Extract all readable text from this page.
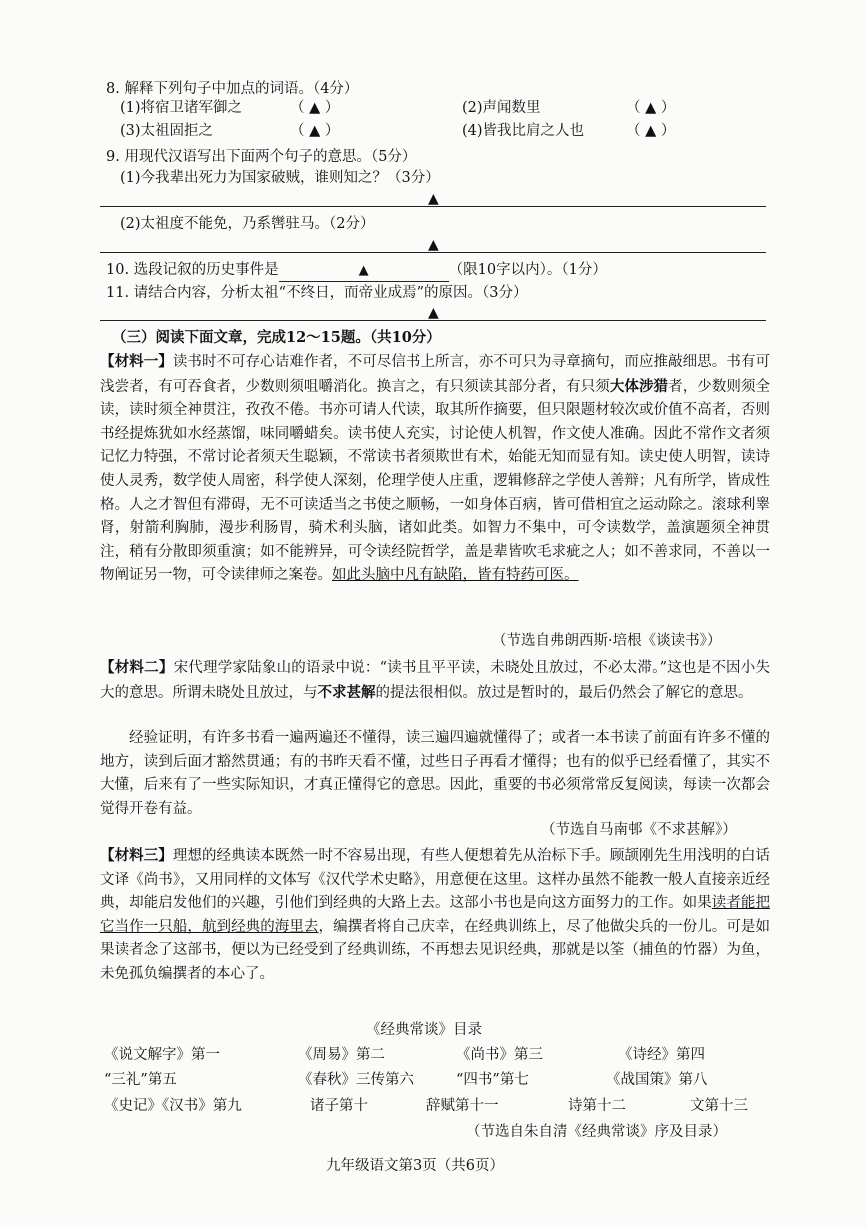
8. 解释下列句子中加点的词语。（4分）
(1)将宿卫诸军御之	（ ▲ ）	(2)声闻数里	（ ▲ ）
(3)太祖固拒之	（ ▲ ）	(4)皆我比肩之人也	（ ▲ ）
9. 用现代汉语写出下面两个句子的意思。（5分）
(1)今我辈出死力为国家破贼，谁则知之？（3分）
▲
(2)太祖度不能免，乃系辔驻马。（2分）
▲
10. 选段记叙的历史事件是	▲	（限10字以内）。（1分）
11. 请结合内容，分析太祖“不终日，而帝业成焉”的原因。（3分）
▲
（三）阅读下面文章，完成12～15题。（共10分）
【材料一】读书时不可存心诘难作者，不可尽信书上所言，亦不可只为寻章摘句，而应推敲细思。书有可浅尝者，有可吞食者，少数则须咀嚼消化。换言之，有只须读其部分者，有只须大体涉猎者，少数则须全读，读时须全神贯注，孜孜不倦。书亦可请人代读，取其所作摘要，但只限题材较次或价值不高者，否则书经提炼犹如水经蒸馏，味同嚼蜡矣。读书使人充实，讨论使人机智，作文使人准确。因此不常作文者须记忆力特强，不常讨论者须天生聪颖，不常读书者须欺世有术，始能无知而显有知。读史使人明智，读诗使人灵秀，数学使人周密，科学使人深刻，伦理学使人庄重，逻辑修辞之学使人善辩；凡有所学，皆成性格。人之才智但有滞碍，无不可读适当之书使之顺畅，一如身体百病，皆可借相宜之运动除之。滚球利睾肾，射箭利胸肺，漫步利肠胃，骑术利头脑，诸如此类。如智力不集中，可令读数学，盖演题须全神贯注，稍有分散即须重演；如不能辨异，可令读经院哲学，盖是辈皆吹毛求疵之人；如不善求同，不善以一物阐证另一物，可令读律师之案卷。如此头脑中凡有缺陷，皆有特药可医。
（节选自弗朗西斯·培根《谈读书》）
【材料二】宋代理学家陆象山的语录中说：“读书且平平读，未晓处且放过，不必太滞。”这也是不因小失大的意思。所谓未晓处且放过，与不求甚解的提法很相似。放过是暂时的，最后仍然会了解它的意思。
经验证明，有许多书看一遍两遍还不懂得，读三遍四遍就懂得了；或者一本书读了前面有许多不懂的地方，读到后面才豁然贯通；有的书昨天看不懂，过些日子再看才懂得；也有的似乎已经看懂了，其实不大懂，后来有了一些实际知识，才真正懂得它的意思。因此，重要的书必须常常反复阅读，每读一次都会觉得开卷有益。
（节选自马南邨《不求甚解》）
【材料三】理想的经典读本既然一时不容易出现，有些人便想着先从治标下手。顾颉刚先生用浅明的白话文译《尚书》，又用同样的文体写《汉代学术史略》，用意便在这里。这样办虽然不能教一般人直接亲近经典，却能启发他们的兴趣，引他们到经典的大路上去。这部小书也是向这方面努力的工作。如果读者能把它当作一只船，航到经典的海里去，编撰者将自己庆幸，在经典训练上，尽了他做尖兵的一份儿。可是如果读者念了这部书，便以为已经受到了经典训练，不再想去见识经典，那就是以筌（捕鱼的竹器）为鱼，未免孤负编撰者的本心了。
《经典常谈》目录
《说文解字》第一	《周易》第二	《尚书》第三	《诗经》第四
“三礼”第五	《春秋》三传第六	“四书”第七	《战国策》第八
《史记》《汉书》第九	诸子第十	辞赋第十一	诗第十二	文第十三
（节选自朱自清《经典常谈》序及目录）
九年级语文第3页（共6页）
